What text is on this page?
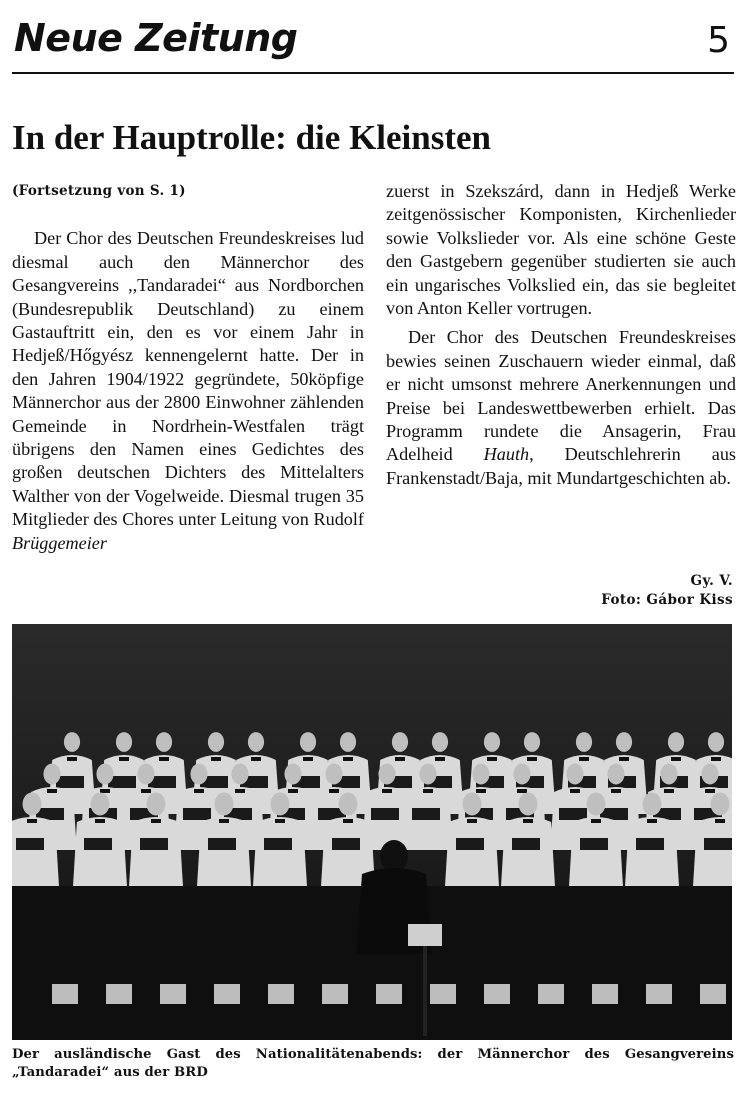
Neue Zeitung	5
In der Hauptrolle: die Kleinsten
(Fortsetzung von S. 1)

Der Chor des Deutschen Freundeskreises lud diesmal auch den Männerchor des Gesangvereins ,,Tandaradei“ aus Nordborchen (Bundesrepublik Deutschland) zu einem Gastauftritt ein, den es vor einem Jahr in Hedjeß/Hőgyész kennengelernt hatte. Der in den Jahren 1904/1922 gegründete, 50köpfige Männerchor aus der 2800 Einwohner zählenden Gemeinde in Nordrhein-Westfalen trägt übrigens den Namen eines Gedichtes des großen deutschen Dichters des Mittelalters Walther von der Vogelweide. Diesmal trugen 35 Mitglieder des Chores unter Leitung von Rudolf Brüggemeier

zuerst in Szekszárd, dann in Hedjeß Werke zeitgenössischer Komponisten, Kirchenlieder sowie Volkslieder vor. Als eine schöne Geste den Gastgebern gegenüber studierten sie auch ein ungarisches Volkslied ein, das sie begleitet von Anton Keller vortrugen.

Der Chor des Deutschen Freundeskreises bewies seinen Zuschauern wieder einmal, daß er nicht umsonst mehrere Anerkennungen und Preise bei Landeswettbewerben erhielt. Das Programm rundete die Ansagerin, Frau Adelheid Hauth, Deutschlehrerin aus Frankenstadt/Baja, mit Mundartgeschichten ab.

Gy. V.
Foto: Gábor Kiss
Der ausländische Gast des Nationalitätenabends: der Männerchor des Gesangvereins „Tandaradei“ aus der BRD
